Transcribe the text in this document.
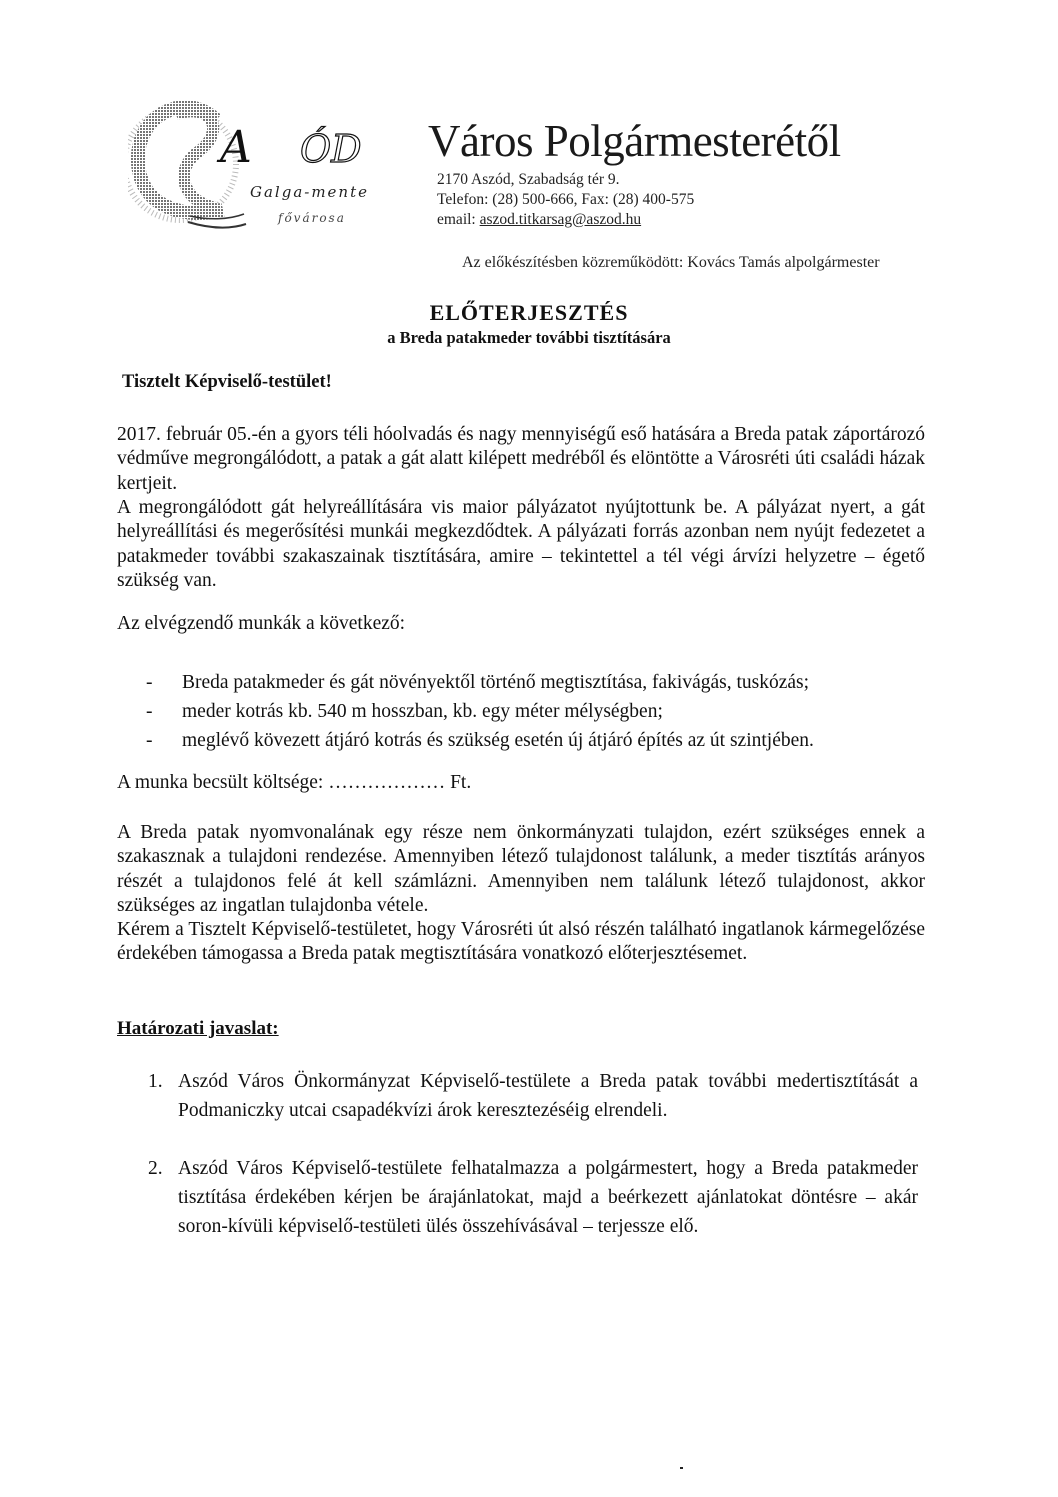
A ÓD
Galga-mente
fővárosa
Város Polgármesterétől
2170 Aszód, Szabadság tér 9.
Telefon: (28) 500-666, Fax: (28) 400-575
email: aszod.titkarsag@aszod.hu
Az előkészítésben közreműködött: Kovács Tamás alpolgármester
ELŐTERJESZTÉS
a Breda patakmeder további tisztítására
Tisztelt Képviselő-testület!
2017. február 05.-én a gyors téli hóolvadás és nagy mennyiségű eső hatására a Breda patak záportározó védműve megrongálódott, a patak a gát alatt kilépett medréből és elöntötte a Városréti úti családi házak kertjeit.
A megrongálódott gát helyreállítására vis maior pályázatot nyújtottunk be. A pályázat nyert, a gát helyreállítási és megerősítési munkái megkezdődtek. A pályázati forrás azonban nem nyújt fedezetet a patakmeder további szakaszainak tisztítására, amire – tekintettel a tél végi árvízi helyzetre – égető szükség van.
Az elvégzendő munkák a következő:
- Breda patakmeder és gát növényektől történő megtisztítása, fakivágás, tuskózás;
- meder kotrás kb. 540 m hosszban, kb. egy méter mélységben;
- meglévő kövezett átjáró kotrás és szükség esetén új átjáró építés az út szintjében.
A munka becsült költsége: ……………… Ft.
A Breda patak nyomvonalának egy része nem önkormányzati tulajdon, ezért szükséges ennek a szakasznak a tulajdoni rendezése. Amennyiben létező tulajdonost találunk, a meder tisztítás arányos részét a tulajdonos felé át kell számlázni. Amennyiben nem találunk létező tulajdonost, akkor szükséges az ingatlan tulajdonba vétele.
Kérem a Tisztelt Képviselő-testületet, hogy Városréti út alsó részén található ingatlanok kármegelőzése érdekében támogassa a Breda patak megtisztítására vonatkozó előterjesztésemet.
Határozati javaslat:
1. Aszód Város Önkormányzat Képviselő-testülete a Breda patak további medertisztítását a Podmaniczky utcai csapadékvízi árok keresztezéséig elrendeli.
2. Aszód Város Képviselő-testülete felhatalmazza a polgármestert, hogy a Breda patakmeder tisztítása érdekében kérjen be árajánlatokat, majd a beérkezett ajánlatokat döntésre – akár soron-kívüli képviselő-testületi ülés összehívásával – terjessze elő.
